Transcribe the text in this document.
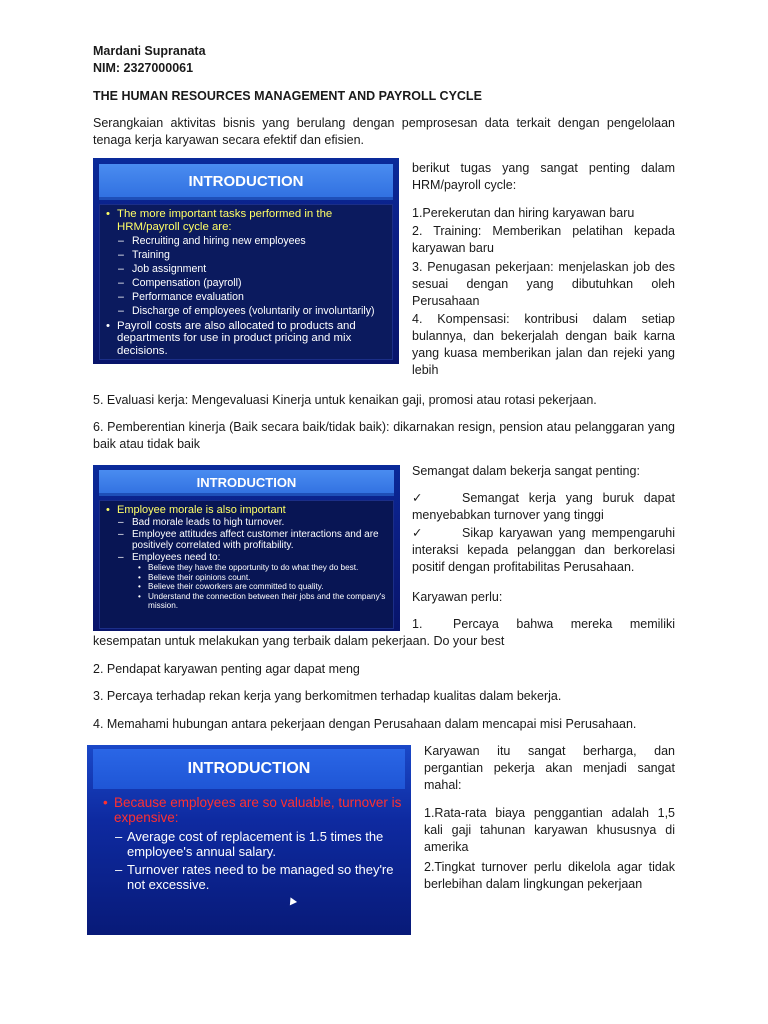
Mardani Supranata
NIM: 2327000061
THE HUMAN RESOURCES MANAGEMENT AND PAYROLL CYCLE
Serangkaian aktivitas bisnis yang berulang dengan pemprosesan data terkait dengan pengelolaan tenaga kerja karyawan secara efektif dan efisien.
INTRODUCTION
• The more important tasks performed in the HRM/payroll cycle are:
– Recruiting and hiring new employees
– Training
– Job assignment
– Compensation (payroll)
– Performance evaluation
– Discharge of employees (voluntarily or involuntarily)
• Payroll costs are also allocated to products and departments for use in product pricing and mix decisions.
berikut tugas yang sangat penting dalam HRM/payroll cycle:
1.Perekerutan dan hiring karyawan baru
2. Training: Memberikan pelatihan kepada karyawan baru
3. Penugasan pekerjaan: menjelaskan job des sesuai dengan yang dibutuhkan oleh Perusahaan
4. Kompensasi: kontribusi dalam setiap bulannya, dan bekerjalah dengan baik karna yang kuasa memberikan jalan dan rejeki yang lebih
5. Evaluasi kerja: Mengevaluasi Kinerja untuk kenaikan gaji, promosi atau rotasi pekerjaan.
6. Pemberentian kinerja (Baik secara baik/tidak baik): dikarnakan resign, pension atau pelanggaran yang baik atau tidak baik
INTRODUCTION
• Employee morale is also important
– Bad morale leads to high turnover.
– Employee attitudes affect customer interactions and are positively correlated with profitability.
– Employees need to:
• Believe they have the opportunity to do what they do best.
• Believe their opinions count.
• Believe their coworkers are committed to quality.
• Understand the connection between their jobs and the company's mission.
Semangat dalam bekerja sangat penting:
✓	Semangat kerja yang buruk dapat menyebabkan turnover yang tinggi
✓	Sikap karyawan yang mempengaruhi interaksi kepada pelanggan dan berkorelasi positif dengan profitabilitas Perusahaan.
Karyawan perlu:
1.       Percaya    bahwa    mereka    memiliki
kesempatan untuk melakukan yang terbaik dalam pekerjaan. Do your best
2. Pendapat karyawan penting agar dapat meng
3. Percaya terhadap rekan kerja yang berkomitmen terhadap kualitas dalam bekerja.
4. Memahami hubungan antara pekerjaan dengan Perusahaan dalam mencapai misi Perusahaan.
INTRODUCTION
• Because employees are so valuable, turnover is expensive:
– Average cost of replacement is 1.5 times the employee's annual salary.
– Turnover rates need to be managed so they're not excessive.
Karyawan itu sangat berharga, dan pergantian pekerja akan menjadi sangat mahal:
1.Rata-rata biaya penggantian adalah 1,5 kali gaji tahunan karyawan khususnya di amerika
2.Tingkat turnover perlu dikelola agar tidak berlebihan dalam lingkungan pekerjaan
